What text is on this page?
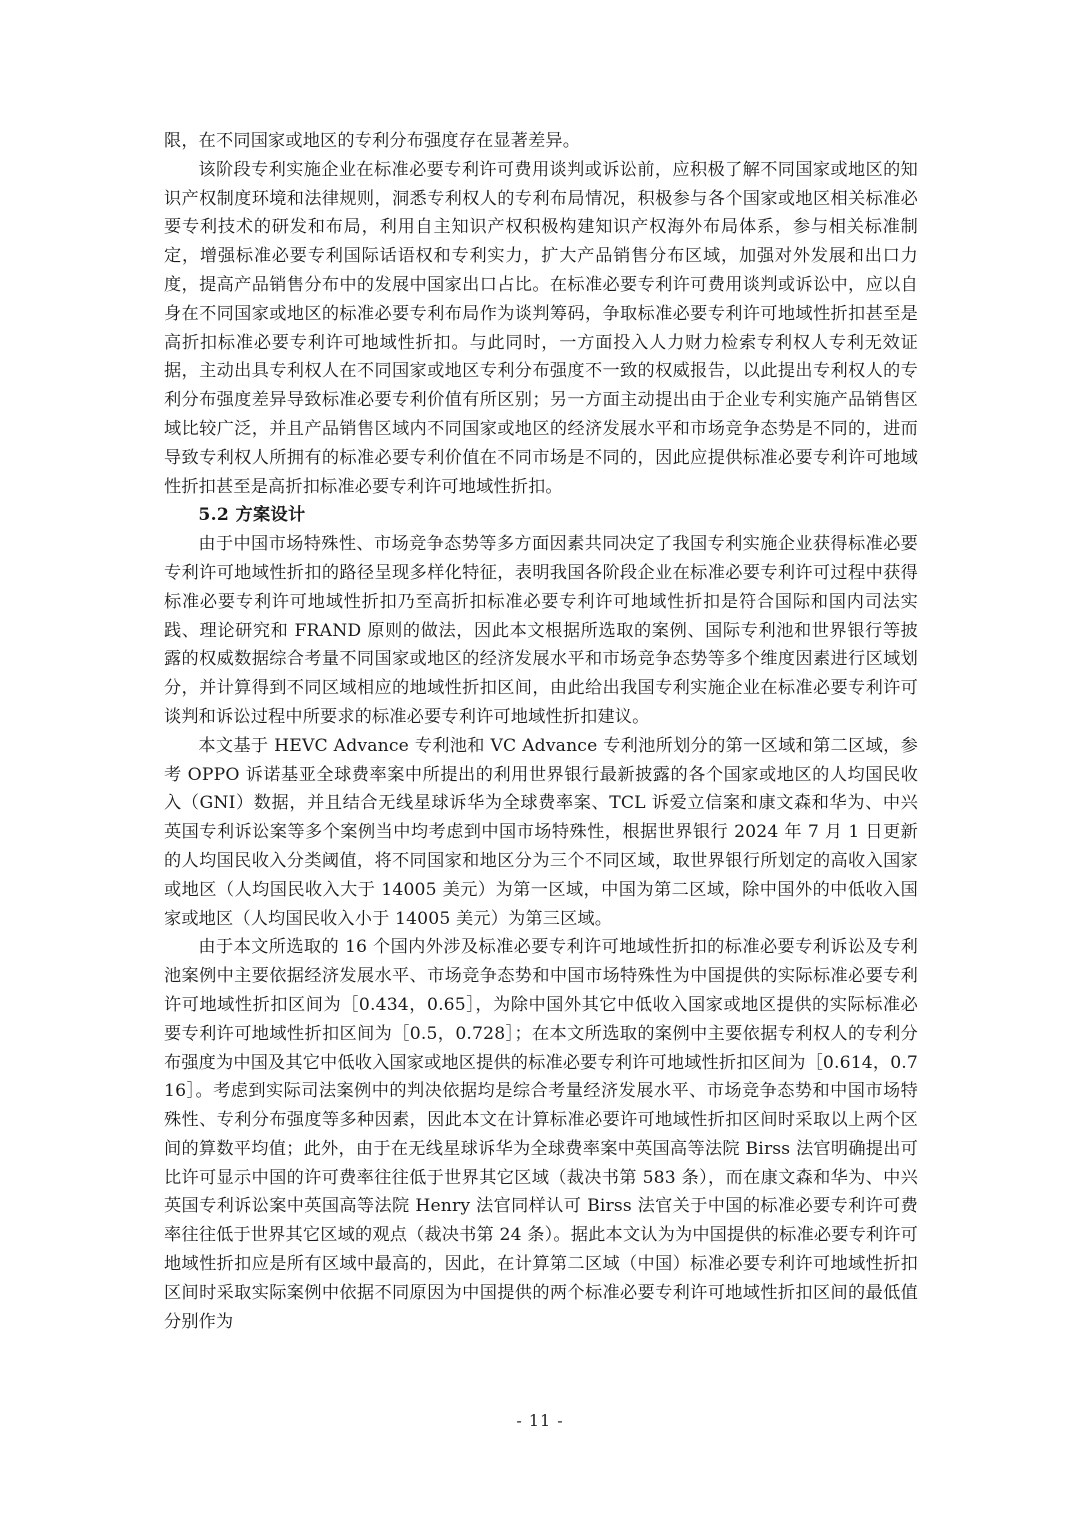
限，在不同国家或地区的专利分布强度存在显著差异。

该阶段专利实施企业在标准必要专利许可费用谈判或诉讼前，应积极了解不同国家或地区的知识产权制度环境和法律规则，洞悉专利权人的专利布局情况，积极参与各个国家或地区相关标准必要专利技术的研发和布局，利用自主知识产权积极构建知识产权海外布局体系，参与相关标准制定，增强标准必要专利国际话语权和专利实力，扩大产品销售分布区域，加强对外发展和出口力度，提高产品销售分布中的发展中国家出口占比。在标准必要专利许可费用谈判或诉讼中，应以自身在不同国家或地区的标准必要专利布局作为谈判筹码，争取标准必要专利许可地域性折扣甚至是高折扣标准必要专利许可地域性折扣。与此同时，一方面投入人力财力检索专利权人专利无效证据，主动出具专利权人在不同国家或地区专利分布强度不一致的权威报告，以此提出专利权人的专利分布强度差异导致标准必要专利价值有所区别；另一方面主动提出由于企业专利实施产品销售区域比较广泛，并且产品销售区域内不同国家或地区的经济发展水平和市场竞争态势是不同的，进而导致专利权人所拥有的标准必要专利价值在不同市场是不同的，因此应提供标准必要专利许可地域性折扣甚至是高折扣标准必要专利许可地域性折扣。

5.2 方案设计

由于中国市场特殊性、市场竞争态势等多方面因素共同决定了我国专利实施企业获得标准必要专利许可地域性折扣的路径呈现多样化特征，表明我国各阶段企业在标准必要专利许可过程中获得标准必要专利许可地域性折扣乃至高折扣标准必要专利许可地域性折扣是符合国际和国内司法实践、理论研究和 FRAND 原则的做法，因此本文根据所选取的案例、国际专利池和世界银行等披露的权威数据综合考量不同国家或地区的经济发展水平和市场竞争态势等多个维度因素进行区域划分，并计算得到不同区域相应的地域性折扣区间，由此给出我国专利实施企业在标准必要专利许可谈判和诉讼过程中所要求的标准必要专利许可地域性折扣建议。

本文基于 HEVC Advance 专利池和 VC Advance 专利池所划分的第一区域和第二区域，参考 OPPO 诉诺基亚全球费率案中所提出的利用世界银行最新披露的各个国家或地区的人均国民收入（GNI）数据，并且结合无线星球诉华为全球费率案、TCL 诉爱立信案和康文森和华为、中兴英国专利诉讼案等多个案例当中均考虑到中国市场特殊性，根据世界银行 2024 年 7 月 1 日更新的人均国民收入分类阈值，将不同国家和地区分为三个不同区域，取世界银行所划定的高收入国家或地区（人均国民收入大于 14005 美元）为第一区域，中国为第二区域，除中国外的中低收入国家或地区（人均国民收入小于 14005 美元）为第三区域。

由于本文所选取的 16 个国内外涉及标准必要专利许可地域性折扣的标准必要专利诉讼及专利池案例中主要依据经济发展水平、市场竞争态势和中国市场特殊性为中国提供的实际标准必要专利许可地域性折扣区间为［0.434，0.65］，为除中国外其它中低收入国家或地区提供的实际标准必要专利许可地域性折扣区间为［0.5，0.728］；在本文所选取的案例中主要依据专利权人的专利分布强度为中国及其它中低收入国家或地区提供的标准必要专利许可地域性折扣区间为［0.614，0.716］。考虑到实际司法案例中的判决依据均是综合考量经济发展水平、市场竞争态势和中国市场特殊性、专利分布强度等多种因素，因此本文在计算标准必要许可地域性折扣区间时采取以上两个区间的算数平均值；此外，由于在无线星球诉华为全球费率案中英国高等法院 Birss 法官明确提出可比许可显示中国的许可费率往往低于世界其它区域（裁决书第 583 条），而在康文森和华为、中兴英国专利诉讼案中英国高等法院 Henry 法官同样认可 Birss 法官关于中国的标准必要专利许可费率往往低于世界其它区域的观点（裁决书第 24 条）。据此本文认为为中国提供的标准必要专利许可地域性折扣应是所有区域中最高的，因此，在计算第二区域（中国）标准必要专利许可地域性折扣区间时采取实际案例中依据不同原因为中国提供的两个标准必要专利许可地域性折扣区间的最低值分别作为

- 11 -
